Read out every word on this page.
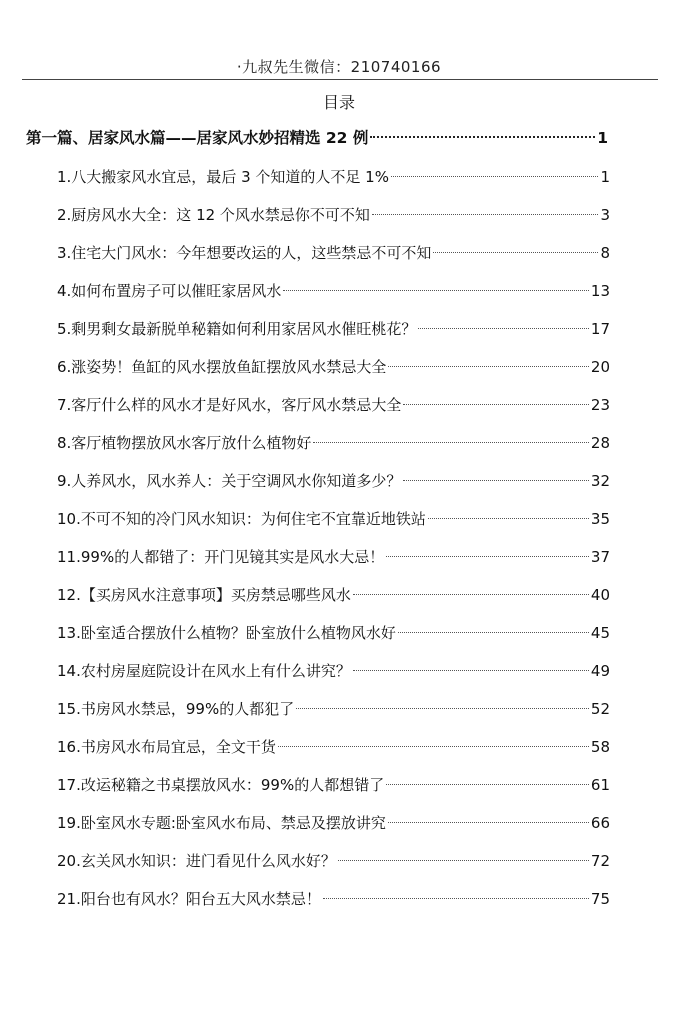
·九叔先生微信：210740166
目录
第一篇、居家风水篇——居家风水妙招精选 22 例	1
1.八大搬家风水宜忌，最后 3 个知道的人不足 1%	1
2.厨房风水大全：这 12 个风水禁忌你不可不知	3
3.住宅大门风水：今年想要改运的人，这些禁忌不可不知	8
4.如何布置房子可以催旺家居风水	13
5.剩男剩女最新脱单秘籍如何利用家居风水催旺桃花？	17
6.涨姿势！鱼缸的风水摆放鱼缸摆放风水禁忌大全	20
7.客厅什么样的风水才是好风水，客厅风水禁忌大全	23
8.客厅植物摆放风水客厅放什么植物好	28
9.人养风水，风水养人：关于空调风水你知道多少？	32
10.不可不知的冷门风水知识：为何住宅不宜靠近地铁站	35
11.99%的人都错了：开门见镜其实是风水大忌！	37
12.【买房风水注意事项】买房禁忌哪些风水	40
13.卧室适合摆放什么植物？卧室放什么植物风水好	45
14.农村房屋庭院设计在风水上有什么讲究？	49
15.书房风水禁忌，99%的人都犯了	52
16.书房风水布局宜忌，全文干货	58
17.改运秘籍之书桌摆放风水：99%的人都想错了	61
19.卧室风水专题:卧室风水布局、禁忌及摆放讲究	66
20.玄关风水知识：进门看见什么风水好？	72
21.阳台也有风水？阳台五大风水禁忌！	75
